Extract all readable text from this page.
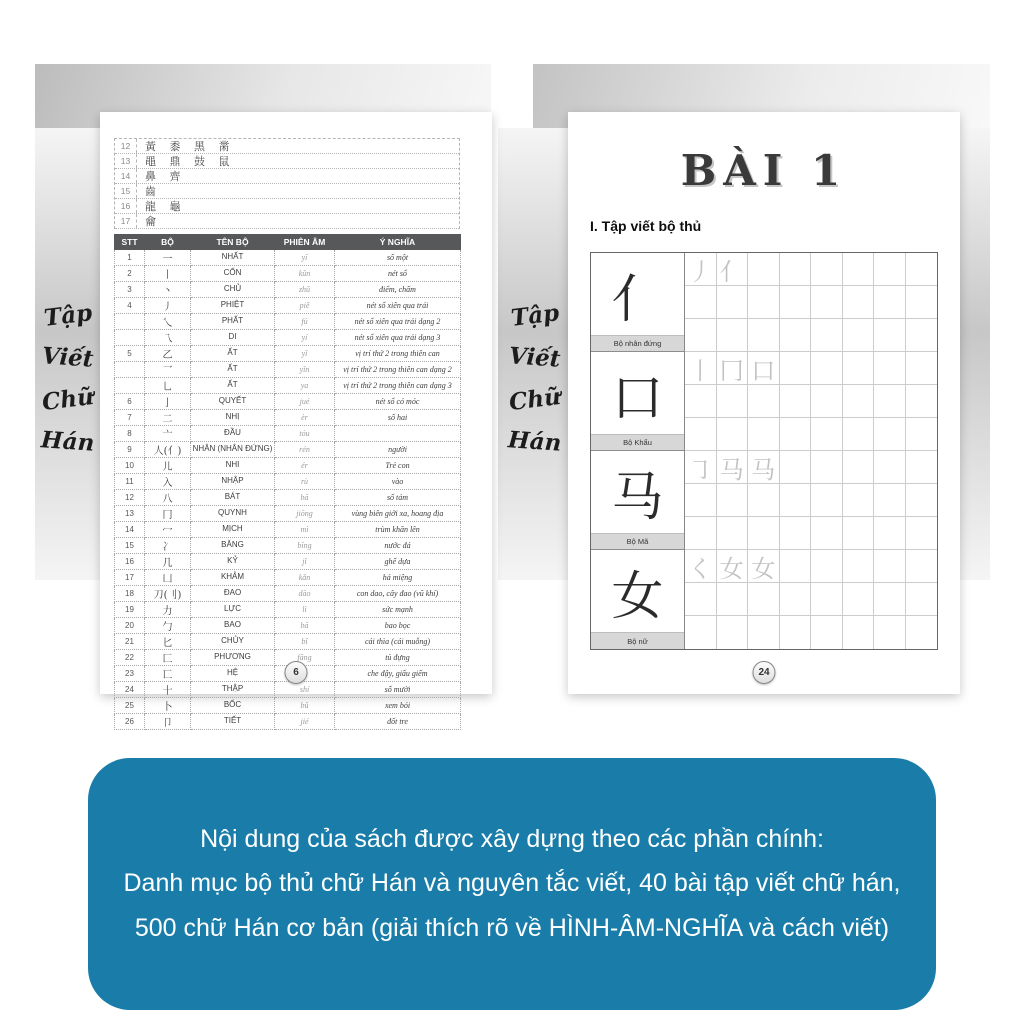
Tập
Viết
Chữ
Hán
Tập
Viết
Chữ
Hán
12	黃 黍 黑 黹
13	黽 鼎 鼓 鼠
14	鼻 齊
15	齒
16	龍 龜
17	龠
STT	BỘ	TÊN BỘ	PHIÊN ÂM	Ý NGHĨA
1	一	NHẤT	yī	số một
2	丨	CỔN	kǔn	nét sổ
3	丶	CHỦ	zhǔ	điểm, chấm
4	丿	PHIỆT	piě	nét sổ xiên qua trái
	乀	PHẤT	fú	nét sổ xiên qua trái dạng 2
	乁	DI	yí	nét sổ xiên qua trái dạng 3
5	乙	ẤT	yǐ	vị trí thứ 2 trong thiên can
	乛	ẤT	yǐn	vị trí thứ 2 trong thiên can dạng 2
	乚	ẤT	ya	vị trí thứ 2 trong thiên can dạng 3
6	亅	QUYẾT	jué	nét sổ có móc
7	二	NHỊ	èr	số hai
8	亠	ĐẦU	tóu	
9	人(亻)	NHÂN (NHÂN ĐỨNG)	rén	người
10	儿	NHI	ér	Trẻ con
11	入	NHẬP	rù	vào
12	八	BÁT	bā	số tám
13	冂	QUYNH	jiōng	vùng biên giới xa, hoang địa
14	冖	MỊCH	mì	trùm khăn lên
15	冫	BĂNG	bīng	nước đá
16	几	KỶ	jǐ	ghế dựa
17	凵	KHẢM	kǎn	há miệng
18	刀(刂)	ĐAO	dāo	con dao, cây đao (vũ khí)
19	力	LỰC	lì	sức mạnh
20	勹	BAO	bā	bao bọc
21	匕	CHỦY	bǐ	cái thìa (cái muỗng)
22	匚	PHƯƠNG	fāng	tủ đựng
23	匸	HỆ		che đậy, giấu giếm
24	十	THẬP	shí	số mười
25	卜	BỐC	bǔ	xem bói
26	卩	TIẾT	jié	đốt tre
6
BÀI 1
I. Tập viết bộ thủ
亻
Bộ nhân đứng
丿 亻
口
Bộ Khẩu
丨 冂 口
马
Bộ Mã
㇆ 马 马
女
Bộ nữ
く 女 女
24

Nội dung của sách được xây dựng theo các phần chính:

Danh mục bộ thủ chữ Hán và nguyên tắc viết, 40 bài tập viết chữ hán,

500 chữ Hán cơ bản (giải thích rõ về HÌNH-ÂM-NGHĨA và cách viết)
